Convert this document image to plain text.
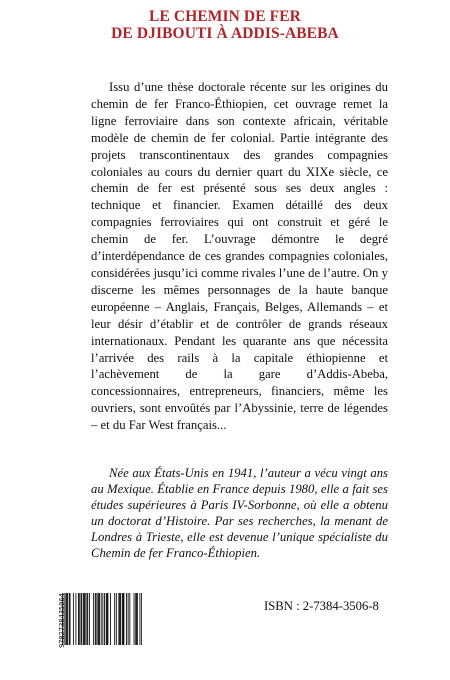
LE CHEMIN DE FER
DE DJIBOUTI À ADDIS-ABEBA

Issu d’une thèse doctorale récente sur les origines du chemin de fer Franco-Éthiopien, cet ouvrage remet la ligne ferroviaire dans son contexte africain, véritable modèle de chemin de fer colonial. Partie intégrante des projets transcontinentaux des grandes compagnies coloniales au cours du dernier quart du XIXe siècle, ce chemin de fer est présenté sous ses deux angles : technique et financier. Examen détaillé des deux compagnies ferroviaires qui ont construit et géré le chemin de fer. L’ouvrage démontre le degré d’interdépendance de ces grandes compagnies coloniales, considérées jusqu’ici comme rivales l’une de l’autre. On y discerne les mêmes personnages de la haute banque européenne – Anglais, Français, Belges, Allemands – et leur désir d’établir et de contrôler de grands réseaux internationaux. Pendant les quarante ans que nécessita l’arrivée des rails à la capitale éthiopienne et l’achèvement de la gare d’Addis-Abeba, concessionnaires, entrepreneurs, financiers, même les ouvriers, sont envoûtés par l’Abyssinie, terre de légendes – et du Far West français...

Née aux États-Unis en 1941, l’auteur a vécu vingt ans au Mexique. Établie en France depuis 1980, elle a fait ses études supérieures à Paris IV-Sorbonne, où elle a obtenu un doctorat d’Histoire. Par ses recherches, la menant de Londres à Trieste, elle est devenue l’unique spécialiste du Chemin de fer Franco-Éthiopien.

9782738435064	ISBN : 2-7384-3506-8
